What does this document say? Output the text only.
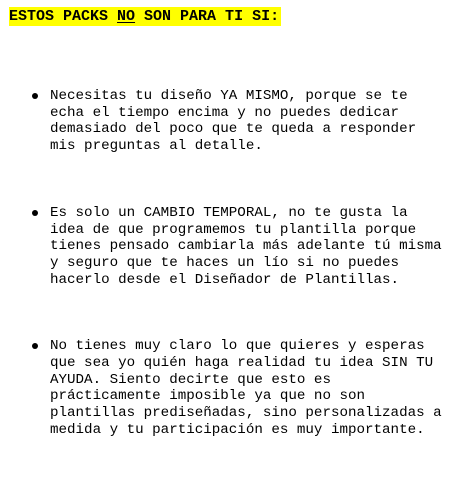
ESTOS PACKS NO SON PARA TI SI:
Necesitas tu diseño YA MISMO, porque se te echa el tiempo encima y no puedes dedicar demasiado del poco que te queda a responder mis preguntas al detalle.
Es solo un CAMBIO TEMPORAL, no te gusta la idea de que programemos tu plantilla porque tienes pensado cambiarla más adelante tú misma y seguro que te haces un lío si no puedes hacerlo desde el Diseñador de Plantillas.
No tienes muy claro lo que quieres y esperas que sea yo quién haga realidad tu idea SIN TU AYUDA. Siento decirte que esto es prácticamente imposible ya que no son plantillas prediseñadas, sino personalizadas a medida y tu participación es muy importante.
